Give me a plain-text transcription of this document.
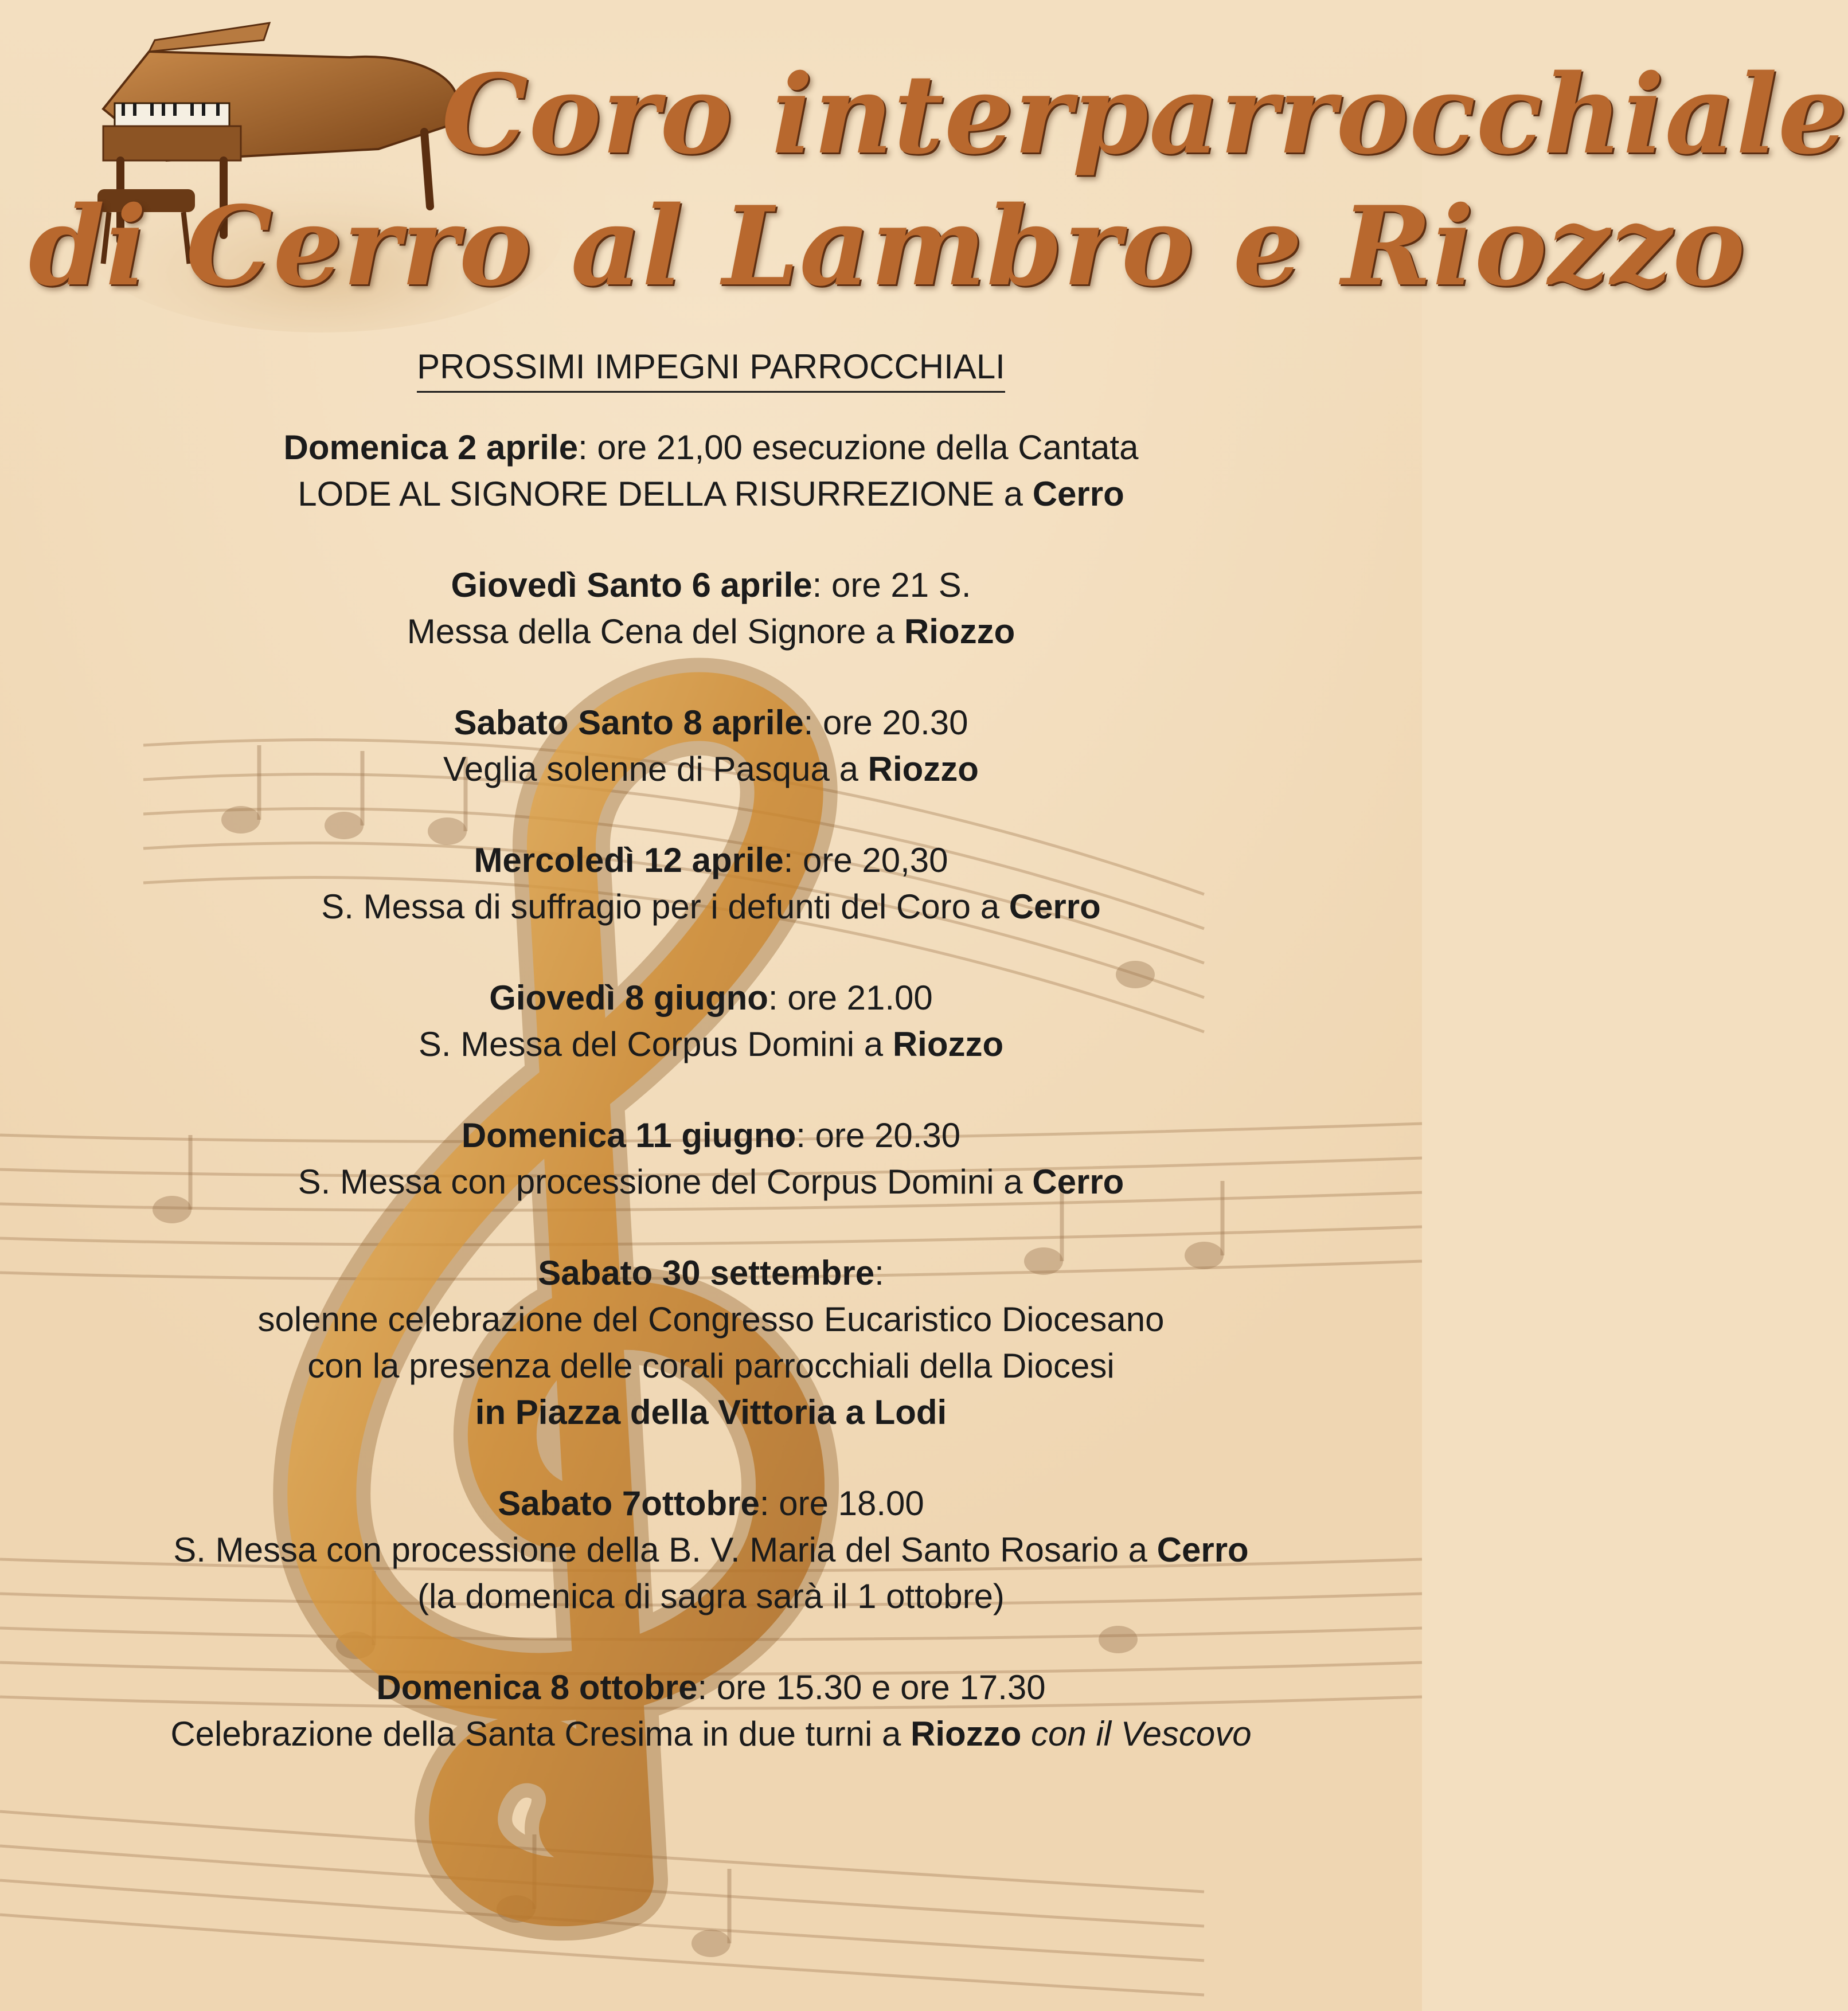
Coro interparrocchiale
di Cerro al Lambro e Riozzo
PROSSIMI IMPEGNI PARROCCHIALI

Domenica 2 aprile: ore 21,00 esecuzione della Cantata

LODE AL SIGNORE DELLA RISURREZIONE a Cerro

Giovedì Santo 6 aprile: ore 21 S.

Messa della Cena del Signore a Riozzo

Sabato Santo 8 aprile: ore 20.30

Veglia solenne di Pasqua a Riozzo

Mercoledì 12 aprile: ore 20,30

S. Messa di suffragio per i defunti del Coro a Cerro

Giovedì 8 giugno: ore 21.00

S. Messa del Corpus Domini a Riozzo

Domenica 11 giugno: ore 20.30

S. Messa con processione del Corpus Domini a Cerro

Sabato 30 settembre:

solenne celebrazione del Congresso Eucaristico Diocesano

con la presenza delle corali parrocchiali della Diocesi

in Piazza della Vittoria a Lodi

Sabato 7ottobre: ore 18.00

S. Messa con processione della B. V. Maria del Santo Rosario a Cerro

(la domenica di sagra sarà il 1 ottobre)

Domenica 8 ottobre: ore 15.30 e ore 17.30

Celebrazione della Santa Cresima in due turni a Riozzo con il Vescovo
